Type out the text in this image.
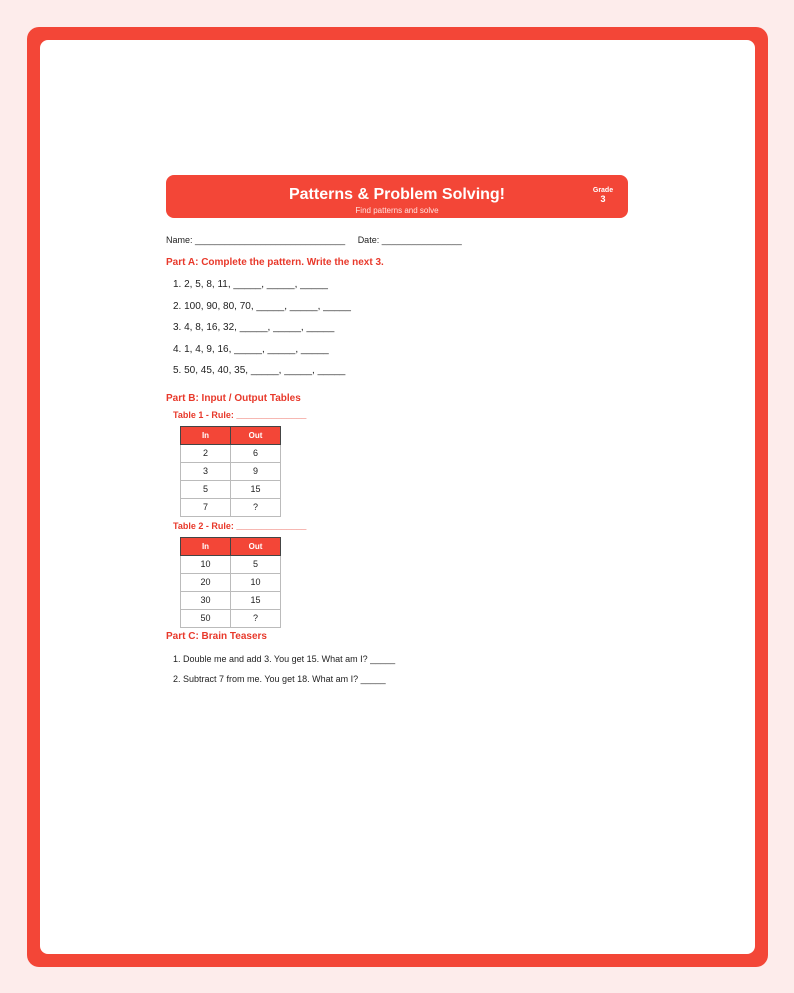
Patterns & Problem Solving!
Find patterns and solve
Grade
3
Name: ______________________________ Date: ________________
Part A: Complete the pattern. Write the next 3.
1. 2, 5, 8, 11, _____, _____, _____
2. 100, 90, 80, 70, _____, _____, _____
3. 4, 8, 16, 32, _____, _____, _____
4. 1, 4, 9, 16, _____, _____, _____
5. 50, 45, 40, 35, _____, _____, _____
Part B: Input / Output Tables
Table 1 - Rule: ______________
In	Out
2	6
3	9
5	15
7	?
Table 2 - Rule: ______________
In	Out
10	5
20	10
30	15
50	?
Part C: Brain Teasers
1. Double me and add 3. You get 15. What am I? _____
2. Subtract 7 from me. You get 18. What am I? _____
